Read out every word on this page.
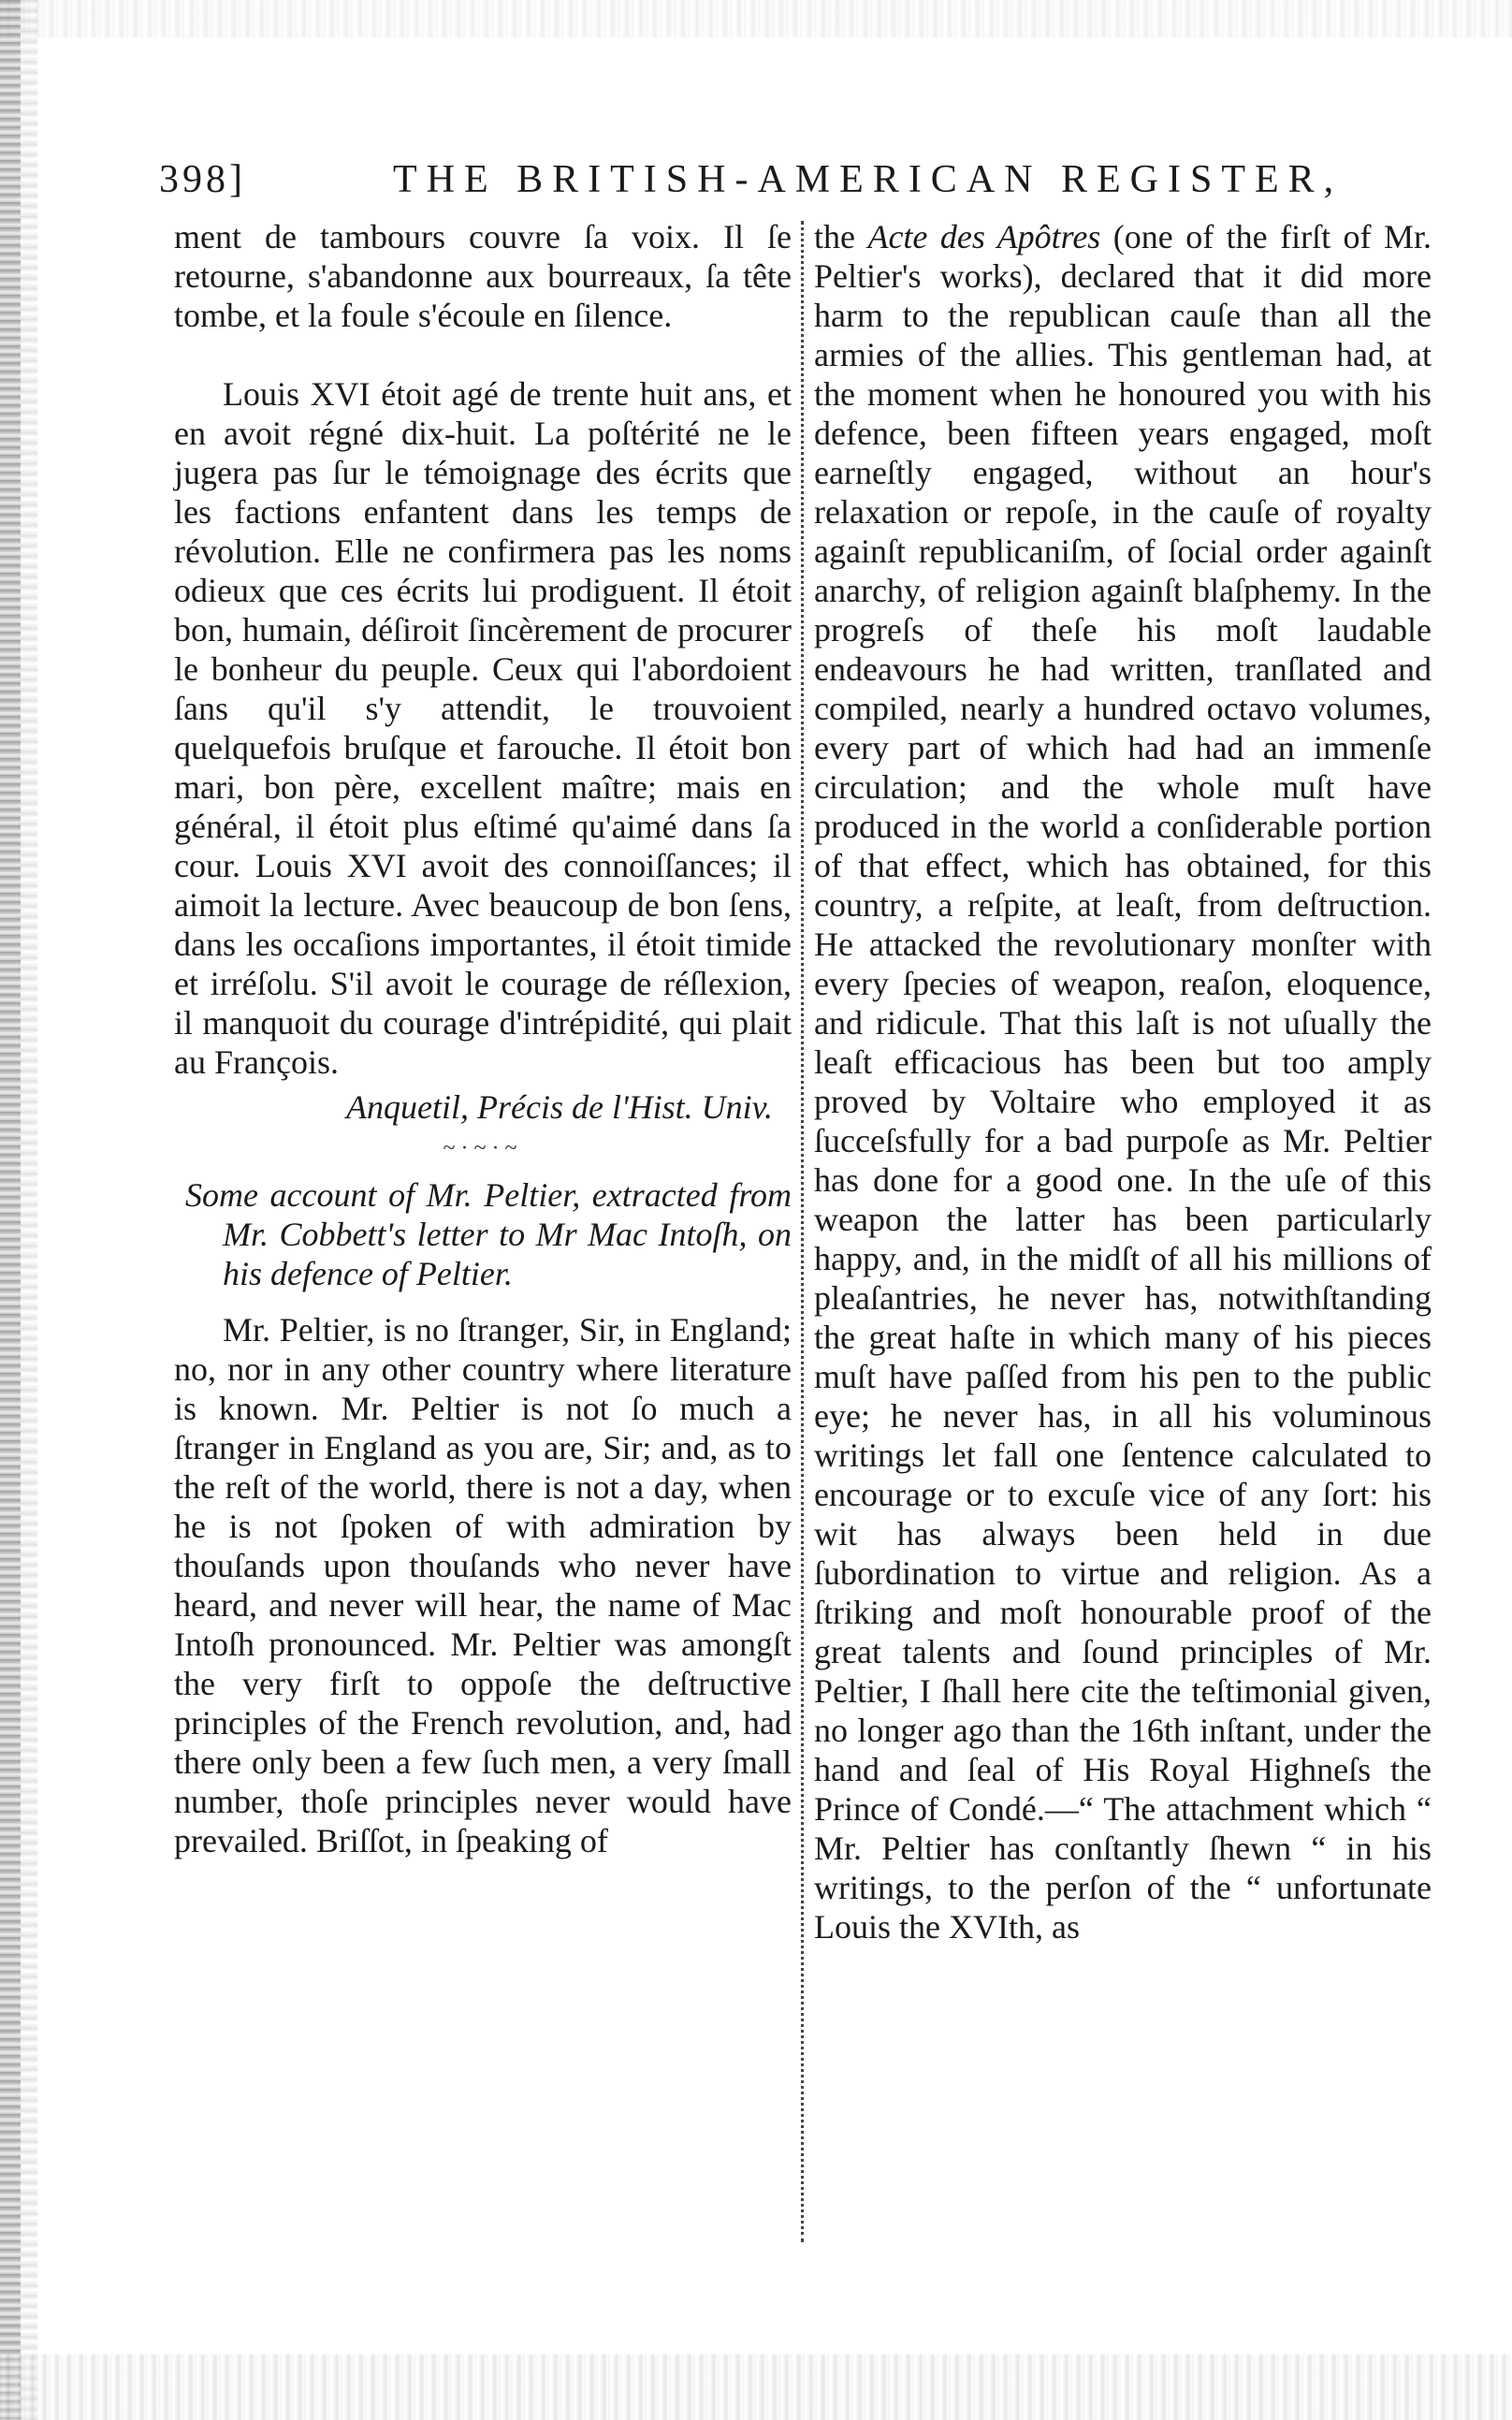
398]	THE BRITISH-AMERICAN REGISTER,

ment de tambours couvre ſa voix. Il ſe retourne, s'abandonne aux bourreaux, ſa tête tombe, et la foule s'écoule en ſilence.

Louis XVI étoit agé de trente huit ans, et en avoit régné dix-huit. La poſtérité ne le jugera pas ſur le témoignage des écrits que les factions enfantent dans les temps de révolution. Elle ne confirmera pas les noms odieux que ces écrits lui prodiguent. Il étoit bon, humain, déſiroit ſincèrement de procurer le bonheur du peuple. Ceux qui l'abordoient ſans qu'il s'y attendit, le trouvoient quelquefois bruſque et farouche. Il étoit bon mari, bon père, excellent maître; mais en général, il étoit plus eſtimé qu'aimé dans ſa cour. Louis XVI avoit des connoiſſances; il aimoit la lecture. Avec beaucoup de bon ſens, dans les occaſions importantes, il étoit timide et irréſolu. S'il avoit le courage de réſlexion, il manquoit du courage d'intrépidité, qui plait au François.

Anquetil, Précis de l'Hist. Univ.

~·~·~

Some account of Mr. Peltier, extracted from Mr. Cobbett's letter to Mr Mac Intoſh, on his defence of Peltier.

Mr. Peltier, is no ſtranger, Sir, in England; no, nor in any other country where literature is known. Mr. Peltier is not ſo much a ſtranger in England as you are, Sir; and, as to the reſt of the world, there is not a day, when he is not ſpoken of with admiration by thouſands upon thouſands who never have heard, and never will hear, the name of Mac Intoſh pronounced. Mr. Peltier was amongſt the very firſt to oppoſe the deſtructive principles of the French revolution, and, had there only been a few ſuch men, a very ſmall number, thoſe principles never would have prevailed. Briſſot, in ſpeaking of

the Acte des Apôtres (one of the firſt of Mr. Peltier's works), declared that it did more harm to the republican cauſe than all the armies of the allies. This gentleman had, at the moment when he honoured you with his defence, been fifteen years engaged, moſt earneſtly engaged, without an hour's relaxation or repoſe, in the cauſe of royalty againſt republicaniſm, of ſocial order againſt anarchy, of religion againſt blaſphemy. In the progreſs of theſe his moſt laudable endeavours he had written, tranſlated and compiled, nearly a hundred octavo volumes, every part of which had had an immenſe circulation; and the whole muſt have produced in the world a conſiderable portion of that effect, which has obtained, for this country, a reſpite, at leaſt, from deſtruction. He attacked the revolutionary monſter with every ſpecies of weapon, reaſon, eloquence, and ridicule. That this laſt is not uſually the leaſt efficacious has been but too amply proved by Voltaire who employed it as ſucceſsfully for a bad purpoſe as Mr. Peltier has done for a good one. In the uſe of this weapon the latter has been particularly happy, and, in the midſt of all his millions of pleaſantries, he never has, notwithſtanding the great haſte in which many of his pieces muſt have paſſed from his pen to the public eye; he never has, in all his voluminous writings let fall one ſentence calculated to encourage or to excuſe vice of any ſort: his wit has always been held in due ſubordination to virtue and religion. As a ſtriking and moſt honourable proof of the great talents and ſound principles of Mr. Peltier, I ſhall here cite the teſtimonial given, no longer ago than the 16th inſtant, under the hand and ſeal of His Royal Highneſs the Prince of Condé.—“ The attachment which “ Mr. Peltier has conſtantly ſhewn “ in his writings, to the perſon of the “ unfortunate Louis the XVIth, as
